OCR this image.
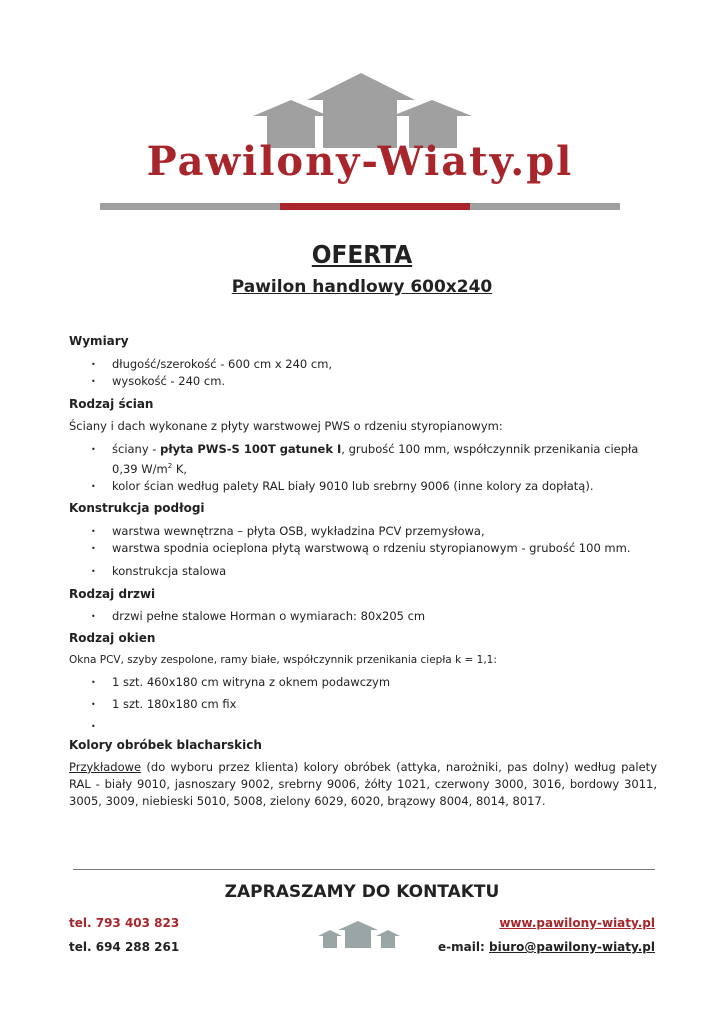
Pawilony-Wiaty.pl
OFERTA
Pawilon handlowy 600x240

Wymiary

• długość/szerokość - 600 cm x 240 cm,
• wysokość - 240 cm.

Rodzaj ścian

Ściany i dach wykonane z płyty warstwowej PWS o rdzeniu styropianowym:

• ściany - płyta PWS-S 100T gatunek I, grubość 100 mm, współczynnik przenikania ciepła 0,39 $W/m^2$ K,
• kolor ścian według palety RAL biały 9010 lub srebrny 9006 (inne kolory za dopłatą).

Konstrukcja podłogi

• warstwa wewnętrzna – płyta OSB, wykładzina PCV przemysłowa,
• warstwa spodnia ocieplona płytą warstwową o rdzeniu styropianowym - grubość 100 mm.
• konstrukcja stalowa

Rodzaj drzwi

• drzwi pełne stalowe Horman o wymiarach: 80x205 cm

Rodzaj okien

Okna PCV, szyby zespolone, ramy białe, współczynnik przenikania ciepła k = 1,1:

• 1 szt. 460x180 cm witryna z oknem podawczym
• 1 szt. 180x180 cm fix
•

Kolory obróbek blacharskich

Przykładowe (do wyboru przez klienta) kolory obróbek (attyka, narożniki, pas dolny) według palety RAL - biały 9010, jasnoszary 9002, srebrny 9006, żółty 1021, czerwony 3000, 3016, bordowy 3011, 3005, 3009, niebieski 5010, 5008, zielony 6029, 6020, brązowy 8004, 8014, 8017.

ZAPRASZAMY DO KONTAKTU
tel. 793 403 823
tel. 694 288 261
www.pawilony-wiaty.pl
e-mail: biuro@pawilony-wiaty.pl
